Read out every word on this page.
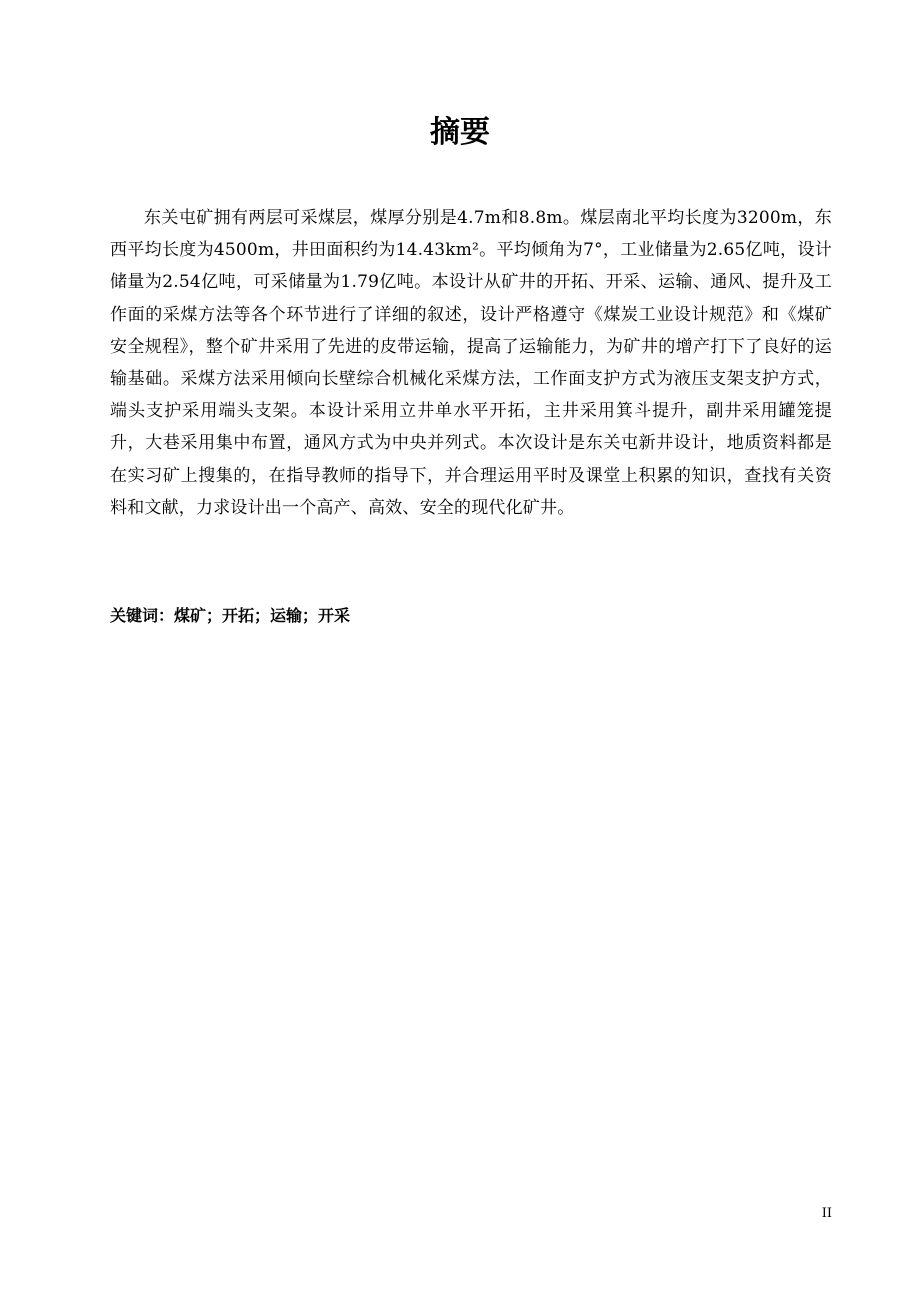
摘要

东关屯矿拥有两层可采煤层，煤厚分别是4.7m和8.8m。煤层南北平均长度为3200m，东西平均长度为4500m，井田面积约为14.43km²。平均倾角为7°，工业储量为2.65亿吨，设计储量为2.54亿吨，可采储量为1.79亿吨。本设计从矿井的开拓、开采、运输、通风、提升及工作面的采煤方法等各个环节进行了详细的叙述，设计严格遵守《煤炭工业设计规范》和《煤矿安全规程》，整个矿井采用了先进的皮带运输，提高了运输能力，为矿井的增产打下了良好的运输基础。采煤方法采用倾向长壁综合机械化采煤方法，工作面支护方式为液压支架支护方式，端头支护采用端头支架。本设计采用立井单水平开拓，主井采用箕斗提升，副井采用罐笼提升，大巷采用集中布置，通风方式为中央并列式。本次设计是东关屯新井设计，地质资料都是在实习矿上搜集的，在指导教师的指导下，并合理运用平时及课堂上积累的知识，查找有关资料和文献，力求设计出一个高产、高效、安全的现代化矿井。

关键词：煤矿；开拓；运输；开采

II
